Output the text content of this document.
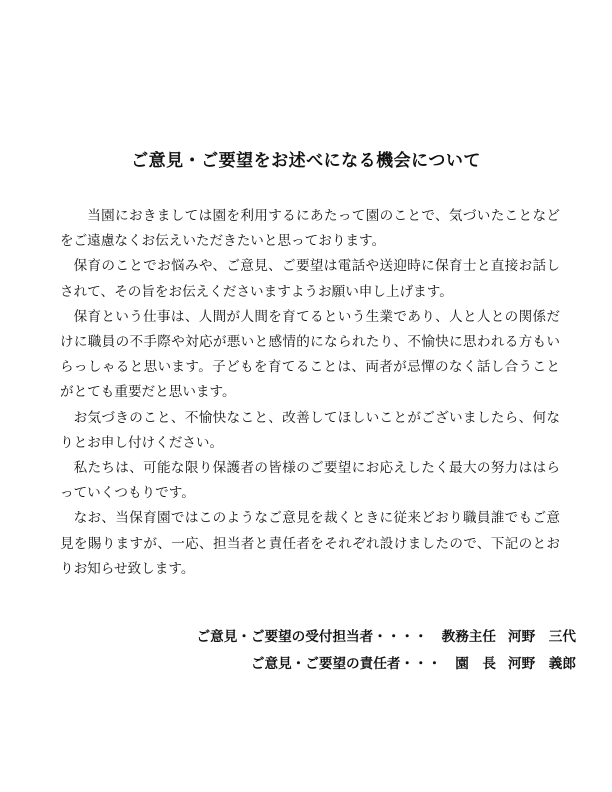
ご意見・ご要望をお述べになる機会について

当園におきましては園を利用するにあたって園のことで、気づいたことなどをご遠慮なくお伝えいただきたいと思っております。

保育のことでお悩みや、ご意見、ご要望は電話や送迎時に保育士と直接お話しされて、その旨をお伝えくださいますようお願い申し上げます。

保育という仕事は、人間が人間を育てるという生業であり、人と人との関係だけに職員の不手際や対応が悪いと感情的になられたり、不愉快に思われる方もいらっしゃると思います。子どもを育てることは、両者が忌憚のなく話し合うことがとても重要だと思います。

お気づきのこと、不愉快なこと、改善してほしいことがございましたら、何なりとお申し付けください。

私たちは、可能な限り保護者の皆様のご要望にお応えしたく最大の努力ははらっていくつもりです。

なお、当保育園ではこのようなご意見を裁くときに従来どおり職員誰でもご意見を賜りますが、一応、担当者と責任者をそれぞれ設けましたので、下記のとおりお知らせ致します。

ご意見・ご要望の受付担当者・・・・	教務主任 河野　三代
ご意見・ご要望の責任者・・・	園　長 河野　義郎
